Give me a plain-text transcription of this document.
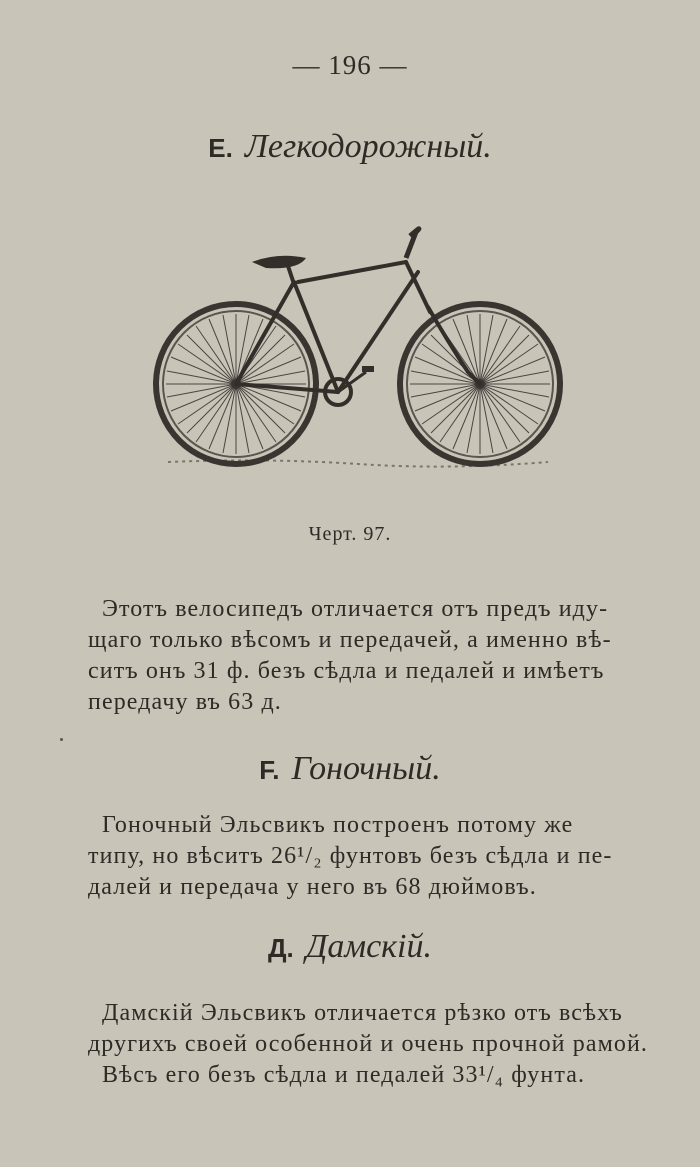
— 196 —
E. Легкодорожный.
Черт. 97.
Этотъ велосипедъ отличается отъ предъ иду-
щаго только вѣсомъ и передачей, а именно вѣ-
ситъ онъ 31 ф. безъ сѣдла и педалей и имѣетъ
передачу въ 63 д.
F. Гоночный.
Гоночный Эльсвикъ построенъ потому же
типу, но вѣситъ 26¹/₂ фунтовъ безъ сѣдла и пе-
далей и передача у него въ 68 дюймовъ.
Д. Дамскій.
Дамскій Эльсвикъ отличается рѣзко отъ всѣхъ
другихъ своей особенной и очень прочной рамой.
Вѣсъ его безъ сѣдла и педалей 33¹/₄ фунта.
